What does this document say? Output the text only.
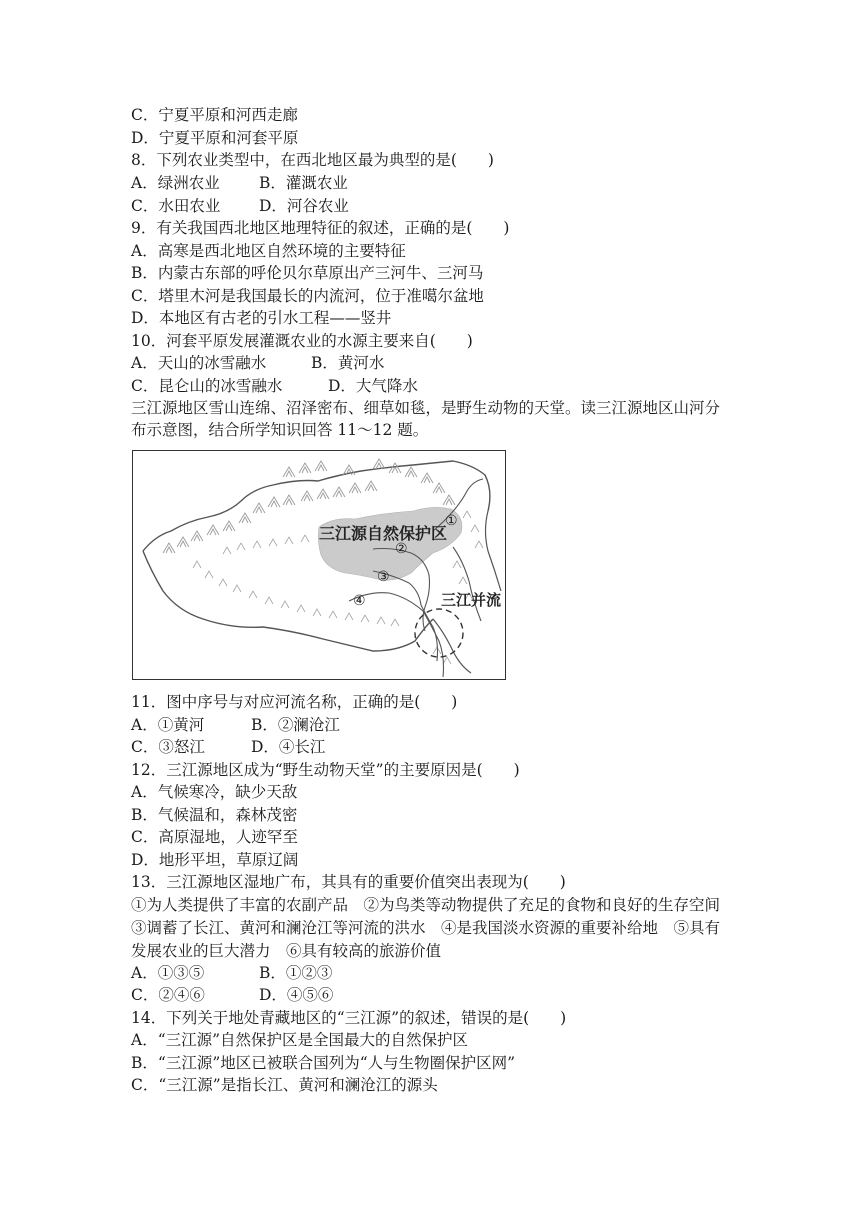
C．宁夏平原和河西走廊
D．宁夏平原和河套平原
8．下列农业类型中，在西北地区最为典型的是(　　)
A．绿洲农业	B．灌溉农业
C．水田农业 D．河谷农业
9．有关我国西北地区地理特征的叙述，正确的是(　　)
A．高寒是西北地区自然环境的主要特征
B．内蒙古东部的呼伦贝尔草原出产三河牛、三河马
C．塔里木河是我国最长的内流河，位于准噶尔盆地
D．本地区有古老的引水工程——竖井
10．河套平原发展灌溉农业的水源主要来自(　　)
A．天山的冰雪融水	B．黄河水
C．昆仑山的冰雪融水	D．大气降水
三江源地区雪山连绵、沼泽密布、细草如毯，是野生动物的天堂。读三江源地区山河分布示意图，结合所学知识回答 11～12 题。
三江源自然保护区
①
②
③
④	三江并流
11．图中序号与对应河流名称，正确的是(　　)
A．①黄河	B．②澜沧江
C．③怒江	D．④长江
12．三江源地区成为“野生动物天堂”的主要原因是(　　)
A．气候寒冷，缺少天敌
B．气候温和，森林茂密
C．高原湿地，人迹罕至
D．地形平坦，草原辽阔
13．三江源地区湿地广布，其具有的重要价值突出表现为(　　)
①为人类提供了丰富的农副产品　②为鸟类等动物提供了充足的食物和良好的生存空间　　③调蓄了长江、黄河和澜沧江等河流的洪水　④是我国淡水资源的重要补给地　⑤具有发展农业的巨大潜力　⑥具有较高的旅游价值
A．①③⑤	B．①②③
C．②④⑥	D．④⑤⑥
14．下列关于地处青藏地区的“三江源”的叙述，错误的是(　　)
A．“三江源”自然保护区是全国最大的自然保护区
B．“三江源”地区已被联合国列为“人与生物圈保护区网”
C．“三江源”是指长江、黄河和澜沧江的源头
